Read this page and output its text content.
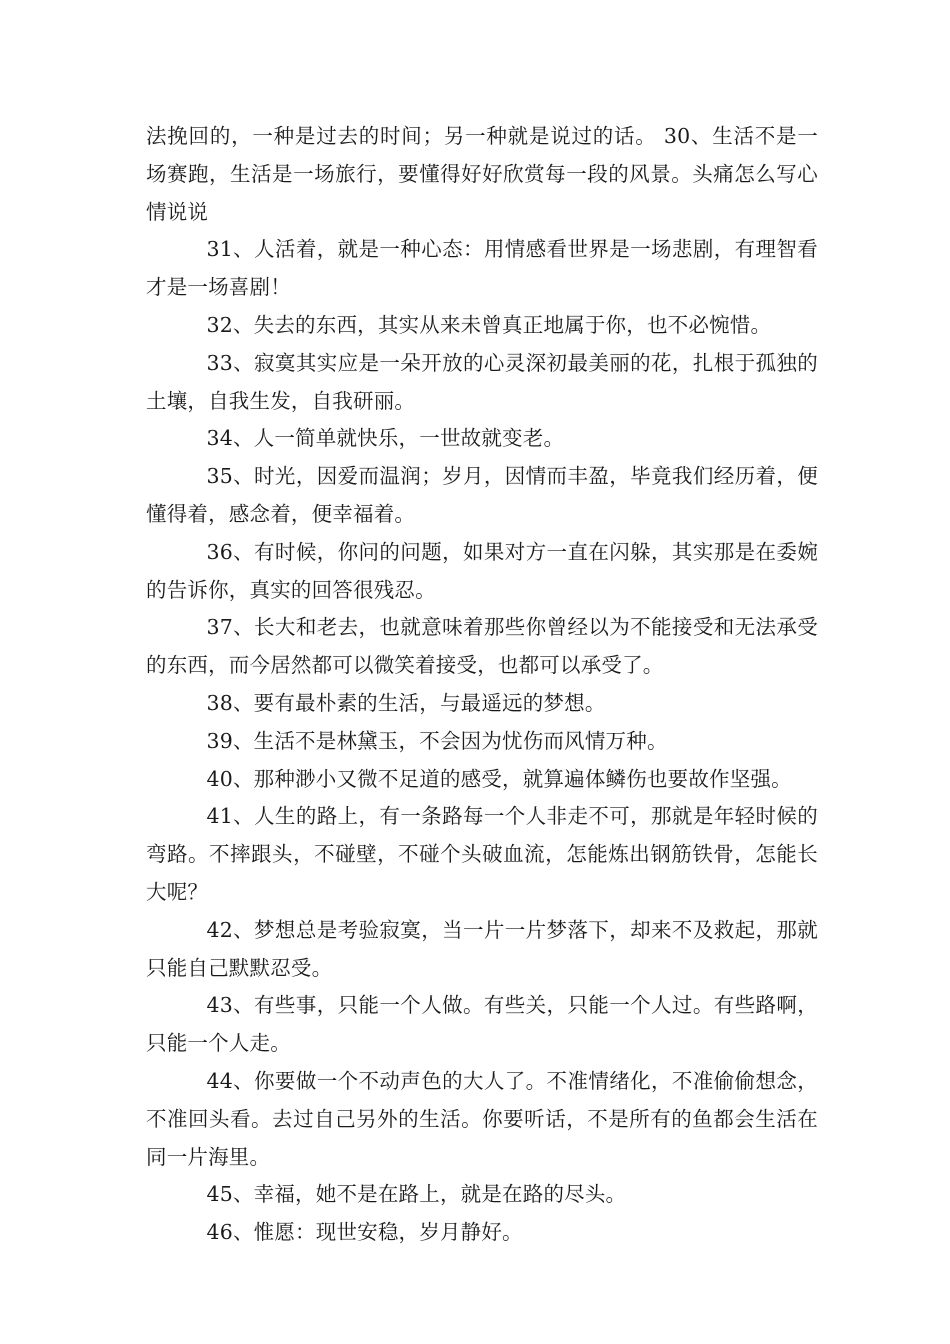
法挽回的，一种是过去的时间；另一种就是说过的话。 30、生活不是一场赛跑，生活是一场旅行，要懂得好好欣赏每一段的风景。头痛怎么写心情说说

31、人活着，就是一种心态：用情感看世界是一场悲剧，有理智看才是一场喜剧！

32、失去的东西，其实从来未曾真正地属于你，也不必惋惜。

33、寂寞其实应是一朵开放的心灵深初最美丽的花，扎根于孤独的土壤，自我生发，自我研丽。

34、人一简单就快乐，一世故就变老。

35、时光，因爱而温润；岁月，因情而丰盈，毕竟我们经历着，便懂得着，感念着，便幸福着。

36、有时候，你问的问题，如果对方一直在闪躲，其实那是在委婉的告诉你，真实的回答很残忍。

37、长大和老去，也就意味着那些你曾经以为不能接受和无法承受的东西，而今居然都可以微笑着接受，也都可以承受了。

38、要有最朴素的生活，与最遥远的梦想。

39、生活不是林黛玉，不会因为忧伤而风情万种。

40、那种渺小又微不足道的感受，就算遍体鳞伤也要故作坚强。

41、人生的路上，有一条路每一个人非走不可，那就是年轻时候的弯路。不摔跟头，不碰壁，不碰个头破血流，怎能炼出钢筋铁骨，怎能长大呢？

42、梦想总是考验寂寞，当一片一片梦落下，却来不及救起，那就只能自己默默忍受。

43、有些事，只能一个人做。有些关，只能一个人过。有些路啊，只能一个人走。

44、你要做一个不动声色的大人了。不准情绪化，不准偷偷想念，不准回头看。去过自己另外的生活。你要听话，不是所有的鱼都会生活在同一片海里。

45、幸福，她不是在路上，就是在路的尽头。

46、惟愿：现世安稳，岁月静好。
